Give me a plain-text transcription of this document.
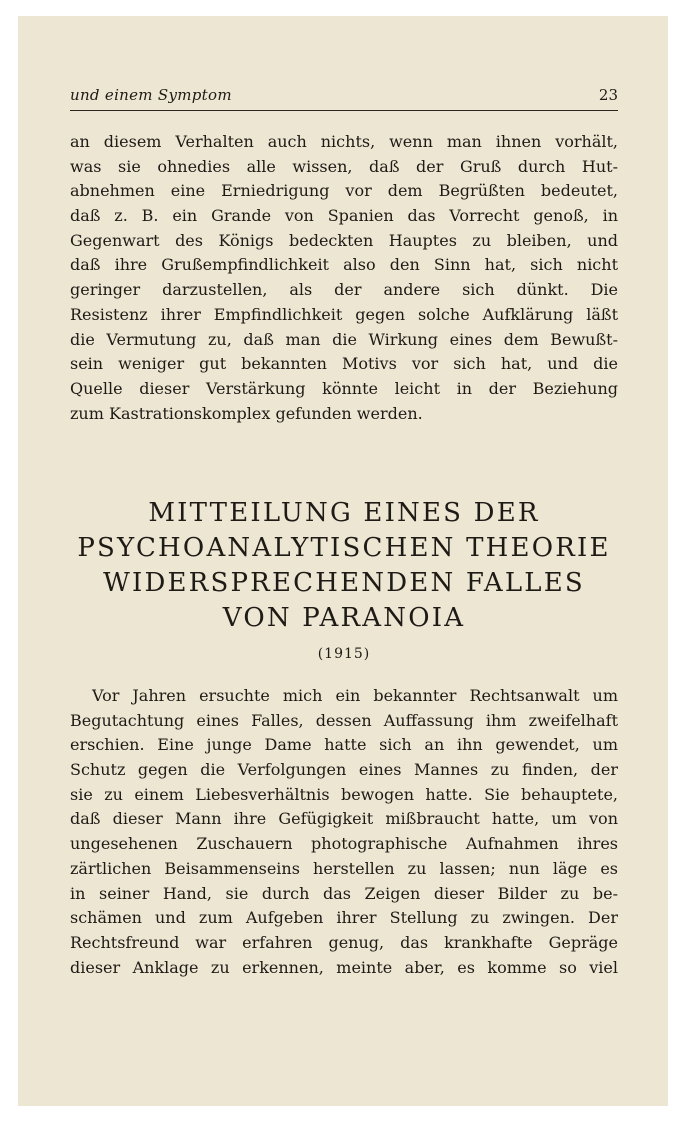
und einem Symptom	23
an diesem Verhalten auch nichts, wenn man ihnen vorhält,
was sie ohnedies alle wissen, daß der Gruß durch Hut-
abnehmen eine Erniedrigung vor dem Begrüßten bedeutet,
daß z. B. ein Grande von Spanien das Vorrecht genoß, in
Gegenwart des Königs bedeckten Hauptes zu bleiben, und
daß ihre Grußempfindlichkeit also den Sinn hat, sich nicht
geringer darzustellen, als der andere sich dünkt. Die
Resistenz ihrer Empfindlichkeit gegen solche Aufklärung läßt
die Vermutung zu, daß man die Wirkung eines dem Bewußt-
sein weniger gut bekannten Motivs vor sich hat, und die
Quelle dieser Verstärkung könnte leicht in der Beziehung
zum Kastrationskomplex gefunden werden.
MITTEILUNG EINES DER
PSYCHOANALYTISCHEN THEORIE
WIDERSPRECHENDEN FALLES
VON PARANOIA
(1915)
Vor Jahren ersuchte mich ein bekannter Rechtsanwalt um
Begutachtung eines Falles, dessen Auffassung ihm zweifelhaft
erschien. Eine junge Dame hatte sich an ihn gewendet, um
Schutz gegen die Verfolgungen eines Mannes zu finden, der
sie zu einem Liebesverhältnis bewogen hatte. Sie behauptete,
daß dieser Mann ihre Gefügigkeit mißbraucht hatte, um von
ungesehenen Zuschauern photographische Aufnahmen ihres
zärtlichen Beisammenseins herstellen zu lassen; nun läge es
in seiner Hand, sie durch das Zeigen dieser Bilder zu be-
schämen und zum Aufgeben ihrer Stellung zu zwingen. Der
Rechtsfreund war erfahren genug, das krankhafte Gepräge
dieser Anklage zu erkennen, meinte aber, es komme so viel
